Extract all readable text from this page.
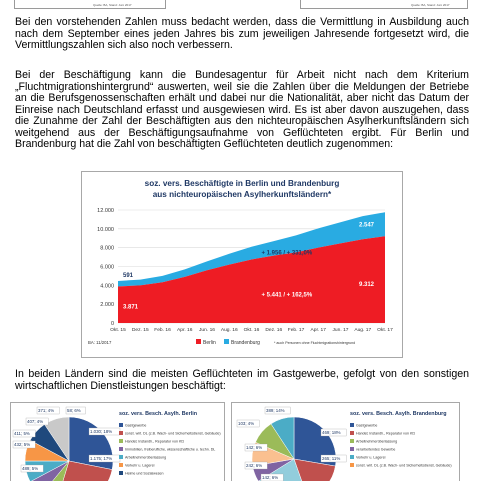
Quelle: BA, Stand: Juni 2017	Quelle: BA, Stand: Juni 2017

Bei den vorstehenden Zahlen muss bedacht werden, dass die Vermittlung in Ausbildung auch nach dem September eines jeden Jahres bis zum jeweiligen Jahresende fortgesetzt wird, die Vermittlungszahlen sich also noch verbessern.

Bei der Beschäftigung kann die Bundesagentur für Arbeit nicht nach dem Kriterium „Fluchtmigrationshintergrund“ auswerten, weil sie die Zahlen über die Meldungen der Betriebe an die Berufsgenossenschaften erhält und dabei nur die Nationalität, aber nicht das Datum der Einreise nach Deutschland erfasst und ausgewiesen wird. Es ist aber davon auszugehen, dass die Zunahme der Zahl der Beschäftigten aus den nichteuropäischen Asylherkunftsländern sich weitgehend aus der Beschäftigungsaufnahme von Geflüchteten ergibt. Für Berlin und Brandenburg hat die Zahl von beschäftigten Geflüchteten deutlich zugenommen:

soz. vers. Beschäftigte in Berlin und Brandenburg
aus nichteuropäischen Asylherkunftsländern*
0
2.000
4.000
6.000
8.000
10.000
12.000
Okt. 15 Dez. 15 Feb. 16 Apr. 16 Jun. 16 Aug. 16 Okt. 16 Dez. 16 Feb. 17 Apr. 17 Jun. 17 Aug. 17 Okt. 17
+ 1.956 / + 331,0%
+ 5.441 / + 162,5%
591
3.871
2.547
9.312
BA: 11/2017	Berlin	Brandenburg	* auch Personen ohne Fluchtmigrationshintergrund

In beiden Ländern sind die meisten Geflüchteten im Gastgewerbe, gefolgt von den sonstigen wirtschaftlichen Dienstleistungen beschäftigt:

1.030; 18%
1.175; 17%
371; 4%
407; 4%
411; 5%
432; 5%
489; 5%
58; 6%
soz. vers. Besch. Asylh. Berlin
Gastgewerbe
sonst. wirt. DL (z.B. Wach- und Sicherheitsdienst, Gebäude)
Handel; Instandh., Reparatur von Kfz
Immobilien, freiberufliche, wissenschaftliche u. techn. DL
Arbeitnehmerüberlassung
Verkehr u. Lagerei
Heime und Sozialwesen
469; 18%
265; 11%
389; 14%
103; 4%
142; 6%
242; 6%
142; 6%
soz. vers. Besch. Asylh. Brandenburg
Gastgewerbe
Handel; Instandh., Reparatur von Kfz
Arbeitnehmerüberlassung
verarbeitendes Gewerbe
Verkehr u. Lagerei
sonst. wirt. DL (z.B. Wach- und Sicherheitsdienst, Gebäude)
